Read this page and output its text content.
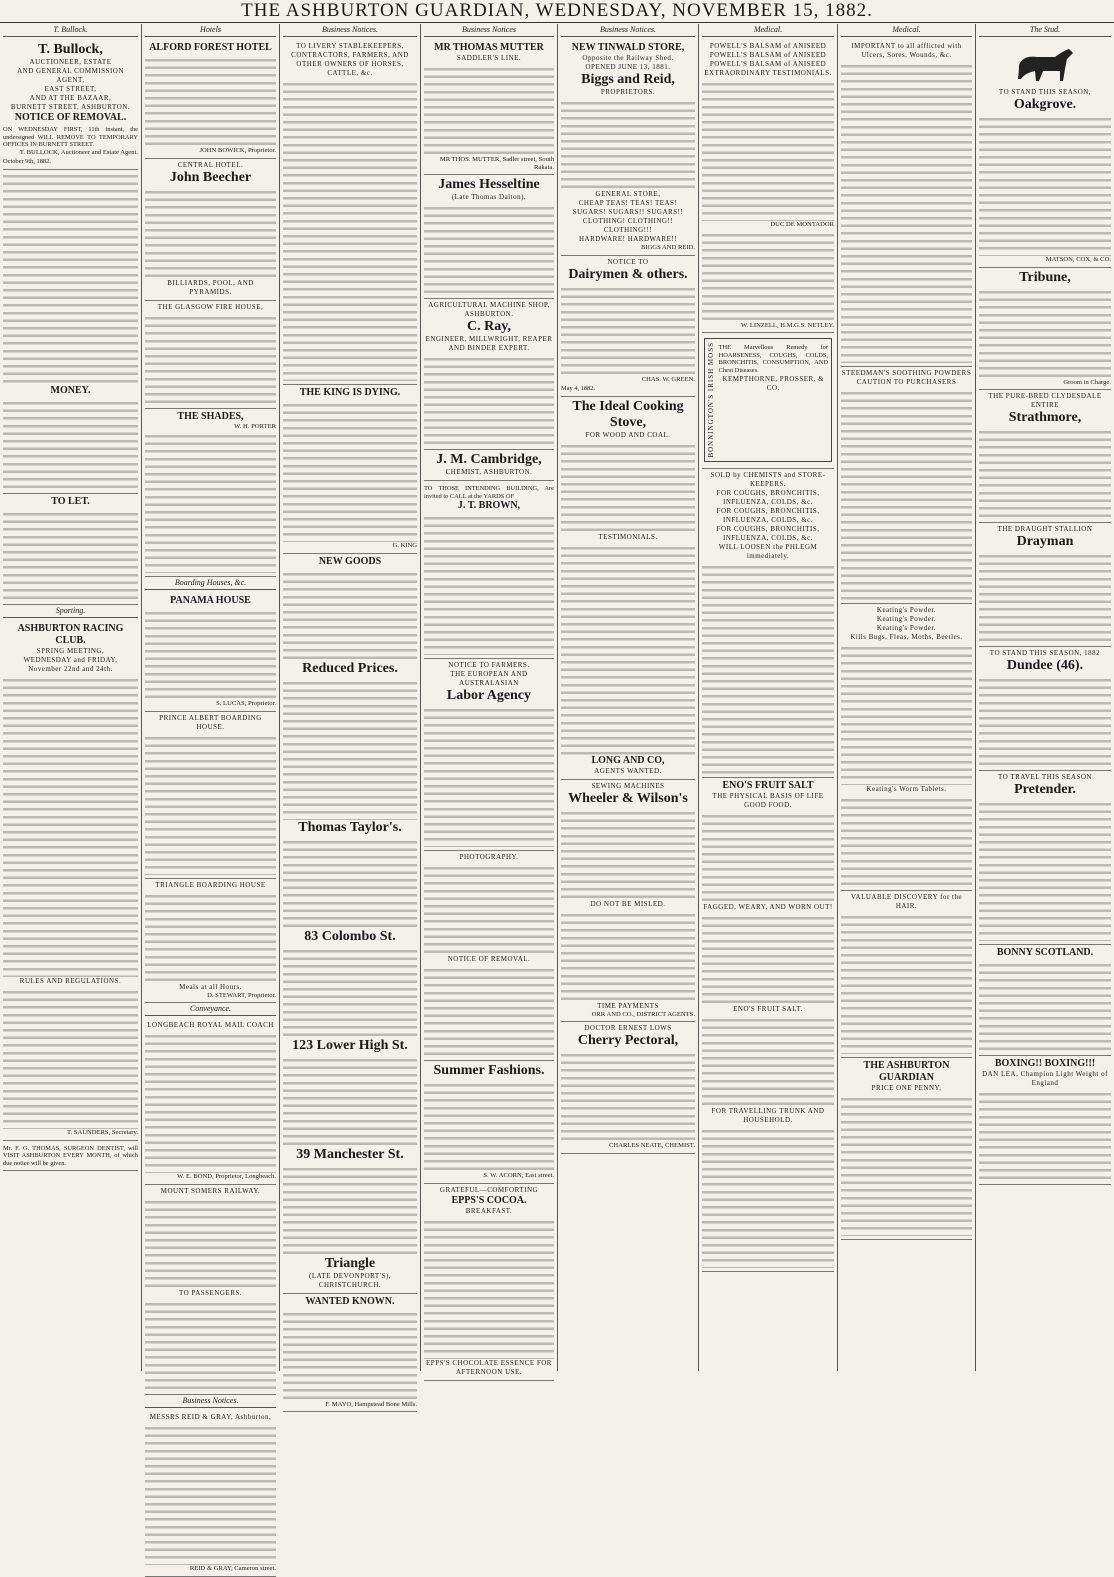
THE ASHBURTON GUARDIAN, WEDNESDAY, NOVEMBER 15, 1882.
T. Bullock.
T. Bullock,
AUCTIONEER, ESTATE
AND GENERAL COMMISSION AGENT,
EAST STREET,
AND AT THE BAZAAR,
BURNETT STREET, ASHBURTON.
NOTICE OF REMOVAL.
ON WEDNESDAY FIRST, 11th instant, the undersigned WILL REMOVE TO TEMPORARY OFFICES IN BURNETT STREET.
T. BULLOCK, Auctioneer and Estate Agent.
October 9th, 1882.
MONEY.
TO LET.
Sporting.
ASHBURTON RACING CLUB.
SPRING MEETING,
WEDNESDAY and FRIDAY,
November 22nd and 24th.
RULES AND REGULATIONS.
T. SAUNDERS, Secretary.
Mr. F. G. THOMAS, SURGEON DENTIST, will VISIT ASHBURTON EVERY MONTH, of which due notice will be given.
Hotels
ALFORD FOREST HOTEL
JOHN BOWICK, Proprietor.
CENTRAL HOTEL.
John Beecher
BILLIARDS, POOL, AND PYRAMIDS.
THE GLASGOW FIRE HOUSE,
THE SHADES,
W. H. PORTER
Boarding Houses, &c.
PANAMA HOUSE
S. LUCAS, Proprietor.
PRINCE ALBERT BOARDING HOUSE.
TRIANGLE BOARDING HOUSE
Meals at all Hours.
D. STEWART, Proprietor.
Conveyance.
LONGBEACH ROYAL MAIL COACH
W. E. BOND, Proprietor, Longbeach.
MOUNT SOMERS RAILWAY.
TO PASSENGERS.
Business Notices.
MESSRS REID & GRAY, Ashburton,
REID & GRAY, Cameron street.
Business Notices.
TO LIVERY STABLEKEEPERS, CONTRACTORS, FARMERS, AND OTHER OWNERS OF HORSES, CATTLE, &c.
THE KING IS DYING.
G. KING
NEW GOODS
Reduced Prices.
Thomas Taylor's.
83 Colombo St.
123 Lower High St.
39 Manchester St.
Triangle
(LATE DEVONPORT'S), CHRISTCHURCH.
WANTED KNOWN.
F. MAYO, Hampstead Bone Mills.
Business Notices
MR THOMAS MUTTER
SADDLER'S LINE.
MR THOS. MUTTER, Sadler street, South Rakaia.
James Hesseltine
(Late Thomas Dalton),
AGRICULTURAL MACHINE SHOP, ASHBURTON.
C. Ray,
ENGINEER, MILLWRIGHT, REAPER AND BINDER EXPERT.
J. M. Cambridge,
CHEMIST, ASHBURTON.
TO THOSE INTENDING BUILDING, Are invited to CALL at the YARDS OF
J. T. BROWN,
NOTICE TO FARMERS.
THE EUROPEAN AND AUSTRALASIAN
Labor Agency
PHOTOGRAPHY.
NOTICE OF REMOVAL.
Summer Fashions.
S. W. ACORN, East street.
GRATEFUL—COMFORTING
EPPS'S COCOA.
BREAKFAST.
EPPS'S CHOCOLATE ESSENCE FOR AFTERNOON USE.
Business Notices.
NEW TINWALD STORE,
Opposite the Railway Shed.
OPENED JUNE 13, 1881.
Biggs and Reid,
PROPRIETORS.
GENERAL STORE,
CHEAP TEAS! TEAS! TEAS!
SUGARS! SUGARS!! SUGARS!!
CLOTHING! CLOTHING!! CLOTHING!!!
HARDWARE! HARDWARE!!
BIGGS AND REID.
NOTICE TO
Dairymen & others.
CHAS. W. GREEN.
May 4, 1882.
The Ideal Cooking Stove,
FOR WOOD AND COAL.
TESTIMONIALS.
LONG AND CO,
AGENTS WANTED.
SEWING MACHINES
Wheeler & Wilson's
DO NOT BE MISLED.
TIME PAYMENTS
ORR AND CO., DISTRICT AGENTS.
DOCTOR ERNEST LOWS
Cherry Pectoral,
CHARLES NEATE, CHEMIST.
Medical.
POWELL'S BALSAM of ANISEED
POWELL'S BALSAM of ANISEED
POWELL'S BALSAM of ANISEED
EXTRAORDINARY TESTIMONIALS.
DUC DE MONTADOR
W. LINZELL, H.M.G.S. NETLEY.
BONNINGTON'S IRISH MOSS THE Marvellous Remedy for HOARSENESS, COUGHS, COLDS, BRONCHITIS, CONSUMPTION, AND Chest Diseases.
KEMPTHORNE, PROSSER, & CO.
SOLD by CHEMISTS and STORE-KEEPERS.
FOR COUGHS, BRONCHITIS, INFLUENZA, COLDS, &c.
FOR COUGHS, BRONCHITIS, INFLUENZA, COLDS, &c.
FOR COUGHS, BRONCHITIS, INFLUENZA, COLDS, &c.
WILL LOOSEN the PHLEGM immediately.
ENO'S FRUIT SALT
THE PHYSICAL BASIS OF LIFE
GOOD FOOD.
FAGGED, WEARY, AND WORN OUT!
ENO'S FRUIT SALT.
FOR TRAVELLING TRUNK AND HOUSEHOLD.
Medical.
IMPORTANT to all afflicted with Ulcers, Sores, Wounds, &c.
STEEDMAN'S SOOTHING POWDERS
CAUTION TO PURCHASERS
Keating's Powder.
Keating's Powder.
Keating's Powder.
Kills Bugs, Fleas, Moths, Beetles.
Keating's Worm Tablets.
VALUABLE DISCOVERY for the HAIR.
THE ASHBURTON GUARDIAN
PRICE ONE PENNY,
The Stud.
TO STAND THIS SEASON,
Oakgrove.
MATSON, COX, & CO.
Tribune,
Groom in Charge.
THE PURE-BRED CLYDESDALE ENTIRE
Strathmore,
THE DRAUGHT STALLION
Drayman
TO STAND THIS SEASON, 1882
Dundee (46).
TO TRAVEL THIS SEASON
Pretender.
BONNY SCOTLAND.
BOXING!! BOXING!!!
DAN LEA, Champion Light Weight of England
